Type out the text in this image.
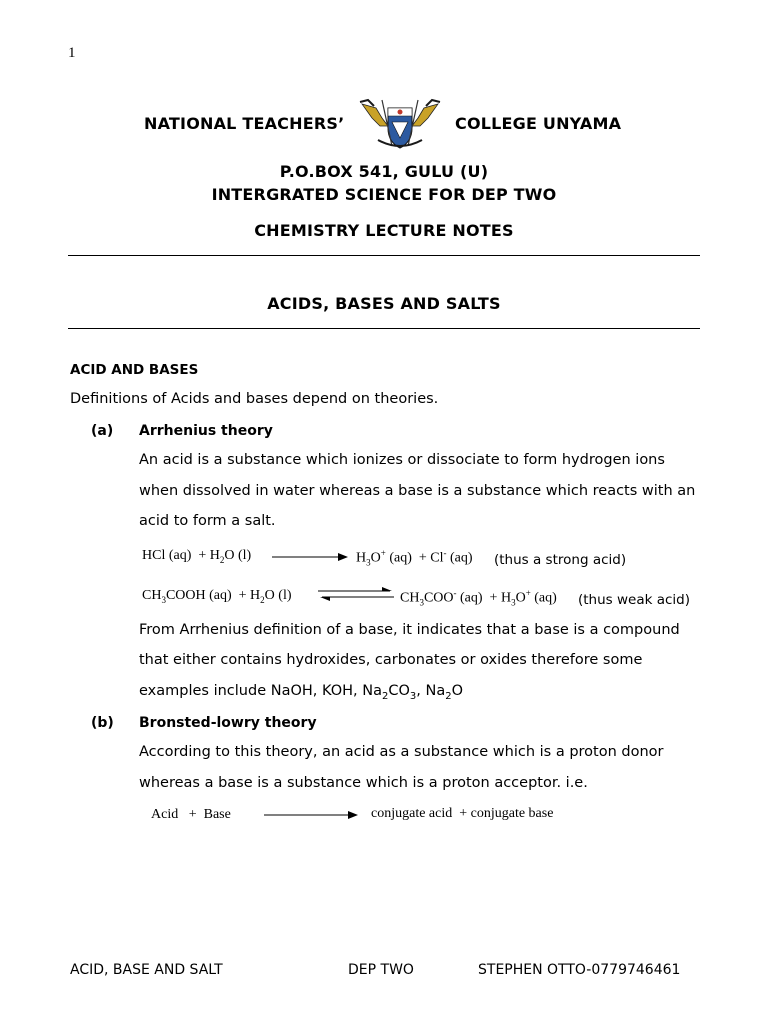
1
NATIONAL TEACHERS’	COLLEGE UNYAMA
P.O.BOX 541, GULU (U)
INTERGRATED SCIENCE FOR DEP TWO
CHEMISTRY LECTURE NOTES
ACIDS, BASES AND SALTS
ACID AND BASES
Definitions of Acids and bases depend on theories.
(a) Arrhenius theory
An acid is a substance which ionizes or dissociate to form hydrogen ions
when dissolved in water whereas a base is a substance which reacts with an
acid to form a salt.
HCl $(aq) + H_2O$ (l)	$H_3O^+$ (aq)  + Cl- (aq) (thus a strong acid)
$CH_3COOH$ $(aq) + H_2O$ (l)	$CH_3COO^-$ $(aq) + H_3O^+$ (aq) (thus weak acid)
From Arrhenius definition of a base, it indicates that a base is a compound
that either contains hydroxides, carbonates or oxides therefore some
examples include NaOH, KOH, $Na_2CO_3$, $Na_2O$
(b) Bronsted-lowry theory
According to this theory, an acid as a substance which is a proton donor
whereas a base is a substance which is a proton acceptor. i.e.
Acid   +  Base	conjugate acid  + conjugate base
ACID, BASE AND SALT	DEP TWO	STEPHEN OTTO-0779746461
